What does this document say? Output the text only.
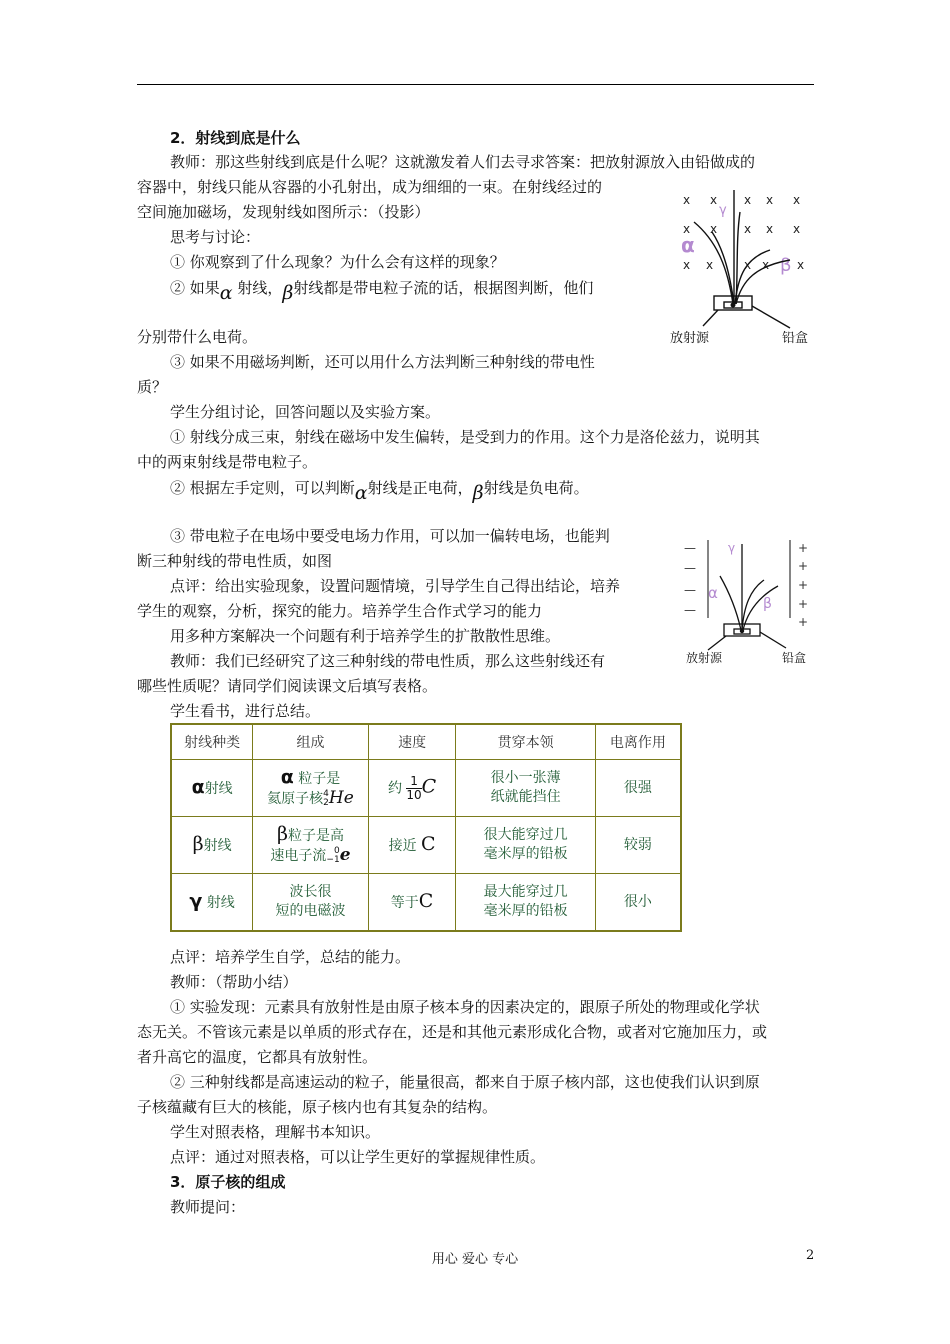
2．射线到底是什么
教师：那这些射线到底是什么呢？这就激发着人们去寻求答案：把放射源放入由铅做成的
容器中，射线只能从容器的小孔射出，成为细细的一束。在射线经过的
空间施加磁场，发现射线如图所示：（投影）
思考与讨论：
① 你观察到了什么现象？为什么会有这样的现象？
② 如果α 射线，β射线都是带电粒子流的话，根据图判断，他们
分别带什么电荷。
③ 如果不用磁场判断，还可以用什么方法判断三种射线的带电性
质？
学生分组讨论，回答问题以及实验方案。
① 射线分成三束，射线在磁场中发生偏转，是受到力的作用。这个力是洛伦兹力，说明其
中的两束射线是带电粒子。
② 根据左手定则，可以判断α射线是正电荷，β射线是负电荷。
③ 带电粒子在电场中要受电场力作用，可以加一偏转电场，也能判
断三种射线的带电性质，如图
点评：给出实验现象，设置问题情境，引导学生自己得出结论，培养
学生的观察，分析，探究的能力。培养学生合作式学习的能力
用多种方案解决一个问题有利于培养学生的扩散散性思维。
教师：我们已经研究了这三种射线的带电性质，那么这些射线还有
哪些性质呢？请同学们阅读课文后填写表格。
学生看书，进行总结。
x x x x x
x x x x x
x x	x x x
α
γ
β
放射源	铅盒
—
—
—
—
+
+
+
+
+
γ
α
β
放射源	铅盒
射线种类	组成	速度	贯穿本领	电离作用
α射线	α 粒子是
氦原子核4
2He	约 $\frac{1}{10}$ C	很小一张薄
纸就能挡住	很强
β射线	β粒子是高
速电子流 0
−1e	接近 C	很大能穿过几
毫米厚的铅板	较弱
γ 射线	波长很
短的电磁波	等于C	最大能穿过几
毫米厚的铅板	很小
点评：培养学生自学，总结的能力。
教师：（帮助小结）
① 实验发现：元素具有放射性是由原子核本身的因素决定的，跟原子所处的物理或化学状
态无关。不管该元素是以单质的形式存在，还是和其他元素形成化合物，或者对它施加压力，或
者升高它的温度，它都具有放射性。
② 三种射线都是高速运动的粒子，能量很高，都来自于原子核内部，这也使我们认识到原
子核蕴藏有巨大的核能，原子核内也有其复杂的结构。
学生对照表格，理解书本知识。
点评：通过对照表格，可以让学生更好的掌握规律性质。
3．原子核的组成
教师提问：
用心 爱心 专心	2
